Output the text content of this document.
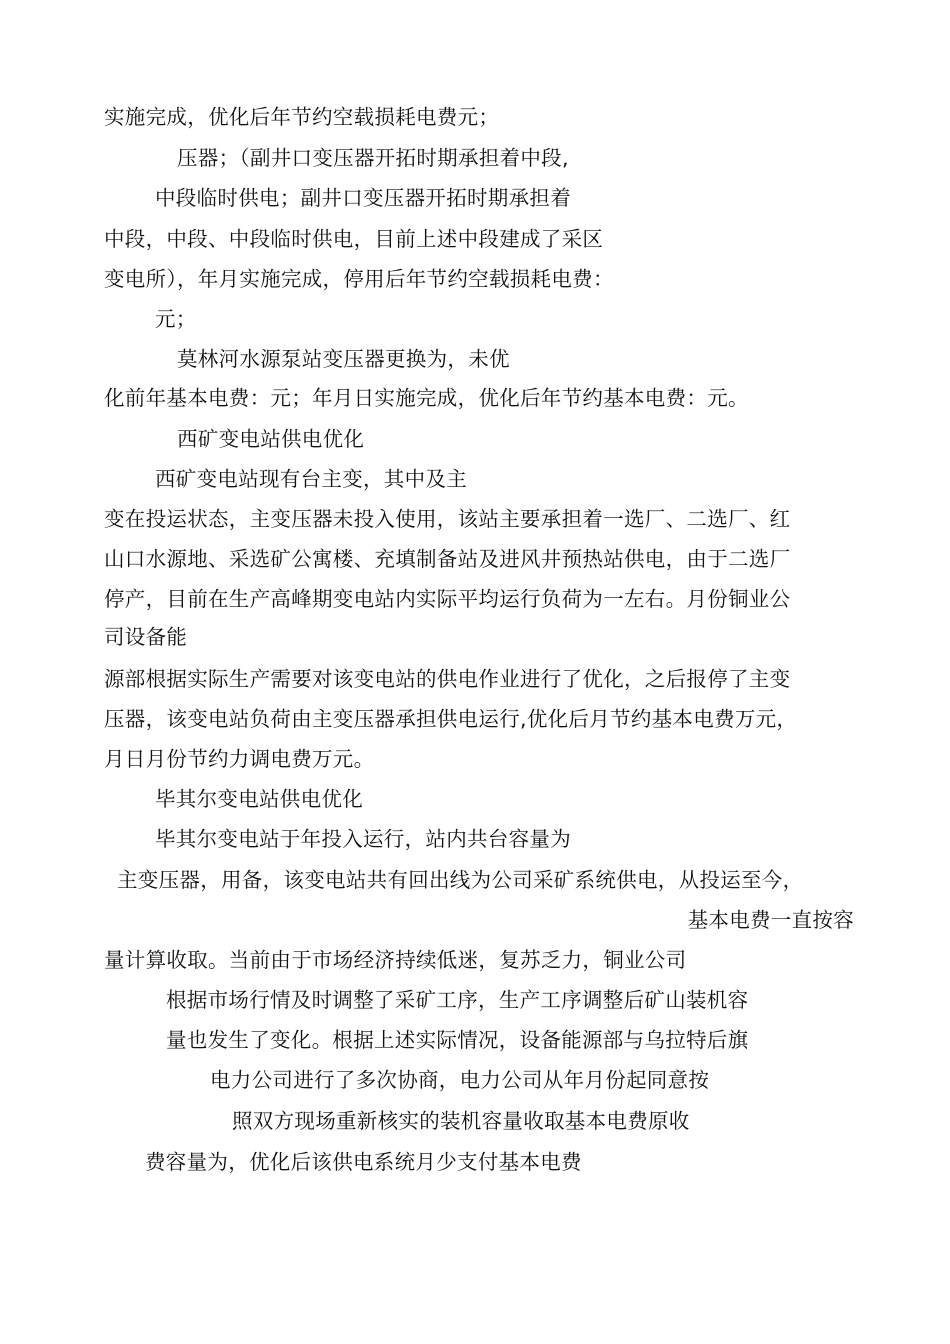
实施完成，优化后年节约空载损耗电费元；
压器；（副井口变压器开拓时期承担着中段,
中段临时供电；副井口变压器开拓时期承担着
中段，中段、中段临时供电，目前上述中段建成了采区
变电所），年月实施完成，停用后年节约空载损耗电费：
元；
莫林河水源泵站变压器更换为，未优
化前年基本电费：元；年月日实施完成，优化后年节约基本电费：元。
西矿变电站供电优化
西矿变电站现有台主变，其中及主
变在投运状态，主变压器未投入使用，该站主要承担着一选厂、二选厂、红
山口水源地、采选矿公寓楼、充填制备站及进风井预热站供电，由于二选厂
停产，目前在生产高峰期变电站内实际平均运行负荷为一左右。月份铜业公
司设备能
源部根据实际生产需要对该变电站的供电作业进行了优化，之后报停了主变
压器，该变电站负荷由主变压器承担供电运行,优化后月节约基本电费万元，
月日月份节约力调电费万元。
毕其尔变电站供电优化
毕其尔变电站于年投入运行，站内共台容量为
主变压器，用备，该变电站共有回出线为公司采矿系统供电，从投运至今，
基本电费一直按容
量计算收取。当前由于市场经济持续低迷，复苏乏力，铜业公司
根据市场行情及时调整了采矿工序，生产工序调整后矿山装机容
量也发生了变化。根据上述实际情况，设备能源部与乌拉特后旗
电力公司进行了多次协商，电力公司从年月份起同意按
照双方现场重新核实的装机容量收取基本电费原收
费容量为，优化后该供电系统月少支付基本电费
